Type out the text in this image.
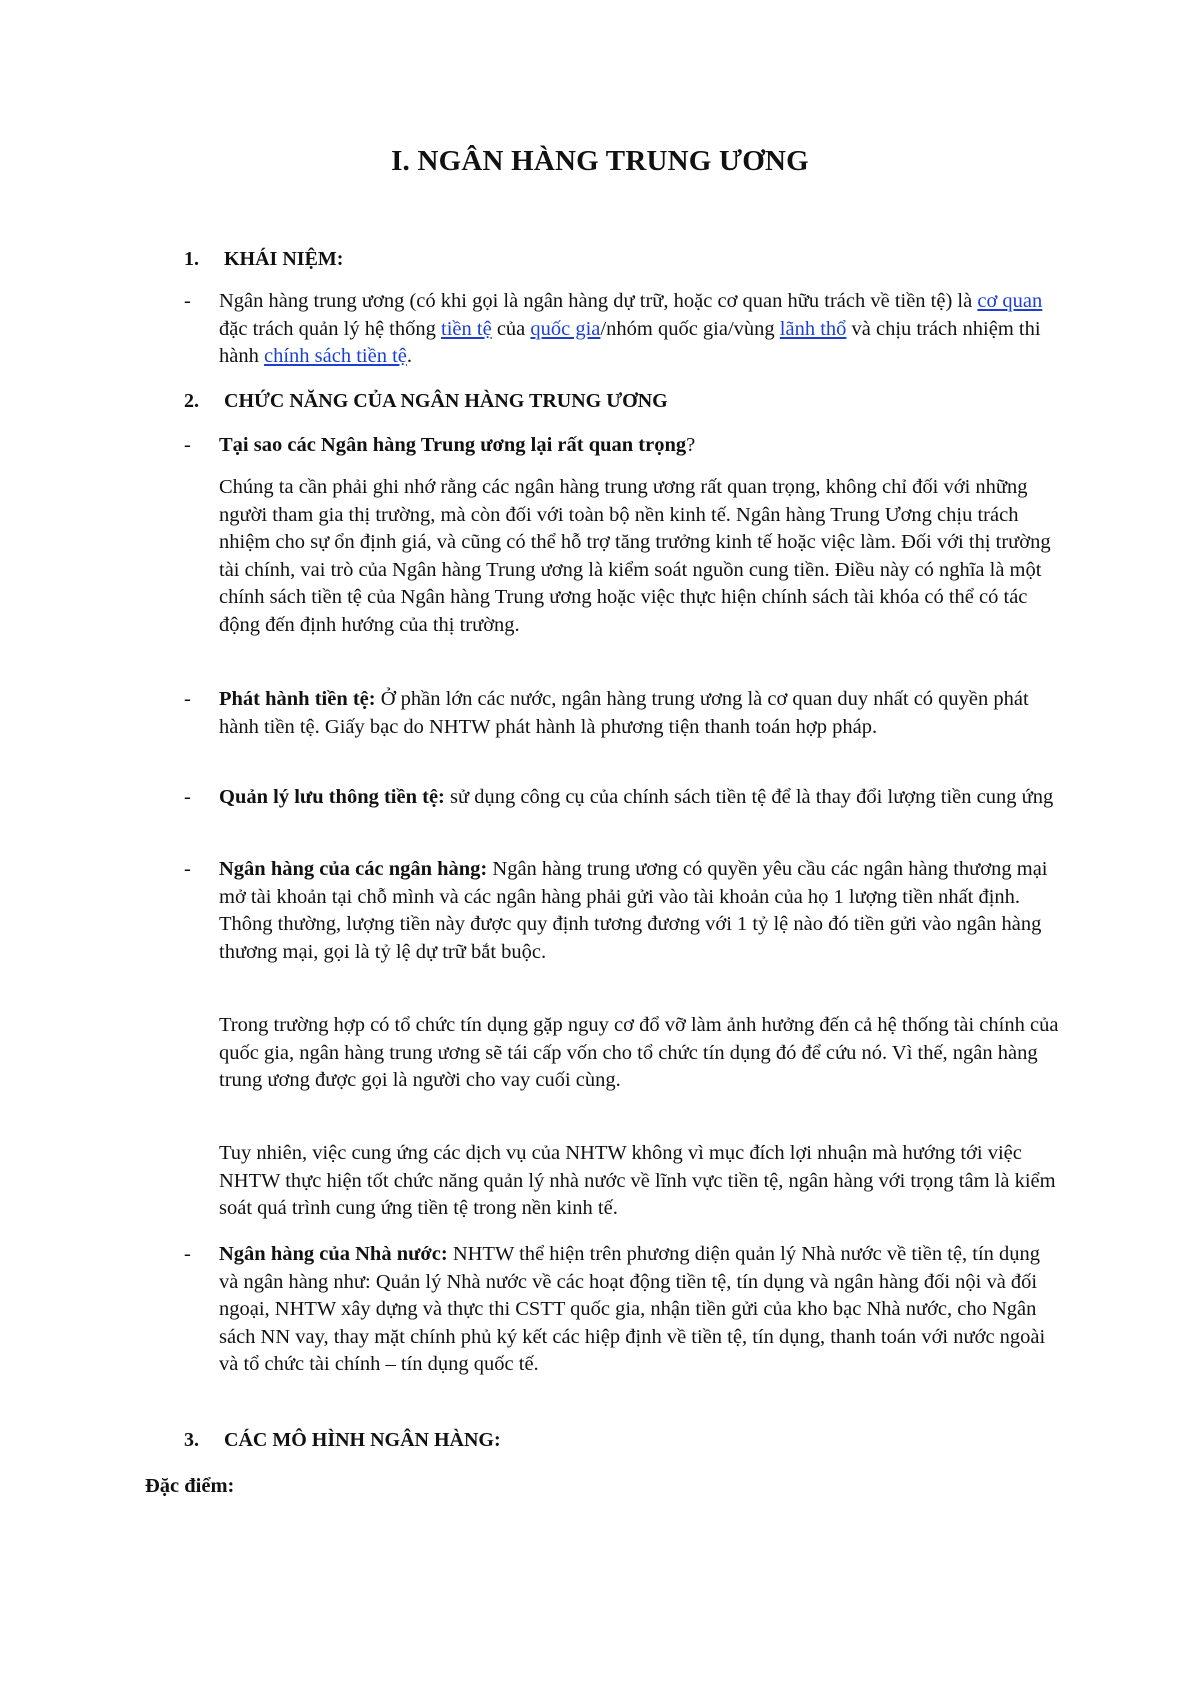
I. NGÂN HÀNG TRUNG ƯƠNG
1. KHÁI NIỆM:
- Ngân hàng trung ương (có khi gọi là ngân hàng dự trữ, hoặc cơ quan hữu trách về tiền tệ) là cơ quan đặc trách quản lý hệ thống tiền tệ của quốc gia/nhóm quốc gia/vùng lãnh thổ và chịu trách nhiệm thi hành chính sách tiền tệ.
2. CHỨC NĂNG CỦA NGÂN HÀNG TRUNG ƯƠNG
- Tại sao các Ngân hàng Trung ương lại rất quan trọng?
Chúng ta cần phải ghi nhớ rằng các ngân hàng trung ương rất quan trọng, không chỉ đối với những người tham gia thị trường, mà còn đối với toàn bộ nền kinh tế. Ngân hàng Trung Ương chịu trách nhiệm cho sự ổn định giá, và cũng có thể hỗ trợ tăng trưởng kinh tế hoặc việc làm. Đối với thị trường tài chính, vai trò của Ngân hàng Trung ương là kiểm soát nguồn cung tiền. Điều này có nghĩa là một chính sách tiền tệ của Ngân hàng Trung ương hoặc việc thực hiện chính sách tài khóa có thể có tác động đến định hướng của thị trường.
- Phát hành tiền tệ: Ở phần lớn các nước, ngân hàng trung ương là cơ quan duy nhất có quyền phát hành tiền tệ. Giấy bạc do NHTW phát hành là phương tiện thanh toán hợp pháp.
- Quản lý lưu thông tiền tệ: sử dụng công cụ của chính sách tiền tệ để là thay đổi lượng tiền cung ứng
- Ngân hàng của các ngân hàng: Ngân hàng trung ương có quyền yêu cầu các ngân hàng thương mại mở tài khoản tại chỗ mình và các ngân hàng phải gửi vào tài khoản của họ 1 lượng tiền nhất định. Thông thường, lượng tiền này được quy định tương đương với 1 tỷ lệ nào đó tiền gửi vào ngân hàng thương mại, gọi là tỷ lệ dự trữ bắt buộc.
Trong trường hợp có tổ chức tín dụng gặp nguy cơ đổ vỡ làm ảnh hưởng đến cả hệ thống tài chính của quốc gia, ngân hàng trung ương sẽ tái cấp vốn cho tổ chức tín dụng đó để cứu nó. Vì thế, ngân hàng trung ương được gọi là người cho vay cuối cùng.
Tuy nhiên, việc cung ứng các dịch vụ của NHTW không vì mục đích lợi nhuận mà hướng tới việc NHTW thực hiện tốt chức năng quản lý nhà nước về lĩnh vực tiền tệ, ngân hàng với trọng tâm là kiểm soát quá trình cung ứng tiền tệ trong nền kinh tế.
- Ngân hàng của Nhà nước: NHTW thể hiện trên phương diện quản lý Nhà nước về tiền tệ, tín dụng và ngân hàng như: Quản lý Nhà nước về các hoạt động tiền tệ, tín dụng và ngân hàng đối nội và đối ngoại, NHTW xây dựng và thực thi CSTT quốc gia, nhận tiền gửi của kho bạc Nhà nước, cho Ngân sách NN vay, thay mặt chính phủ ký kết các hiệp định về tiền tệ, tín dụng, thanh toán với nước ngoài và tổ chức tài chính – tín dụng quốc tế.
3. CÁC MÔ HÌNH NGÂN HÀNG:
Đặc điểm:
